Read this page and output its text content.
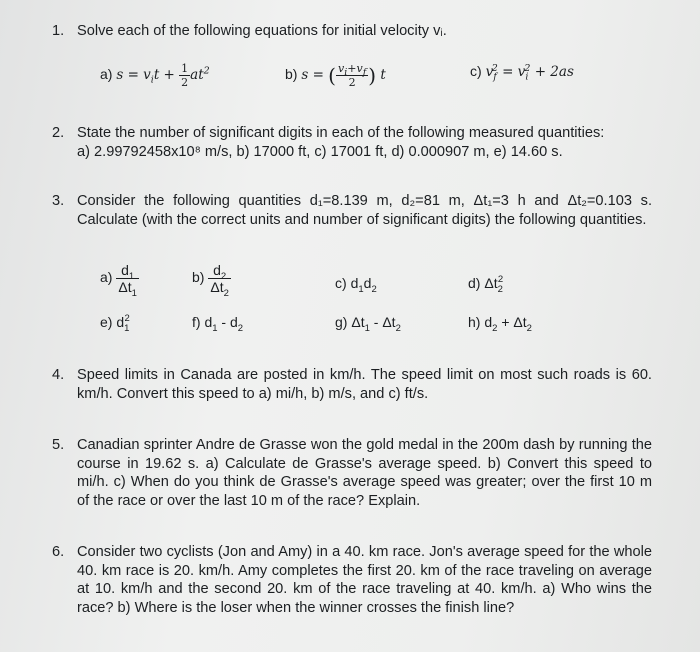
1. Solve each of the following equations for initial velocity vᵢ.
a) $s = v_it + \frac{1}{2} at^2$	b) s = ( $\frac{v_i+v_f}{2}$ ) t	c) $v_f^2 = v_i^2 + 2as$
2. State the number of significant digits in each of the following measured quantities:
a) 2.99792458x10⁸ m/s, b) 17000 ft, c) 17001 ft, d) 0.000907 m, e) 14.60 s.
3. Consider the following quantities d₁=8.139 m, d₂=81 m, Δt₁=3 h and Δt₂=0.103 s. Calculate (with the correct units and number of significant digits) the following quantities.
$a) \frac{d_1}{\Delta t_1}$	$b) \frac{d_2}{\Delta t_2}$	c) $d_1d_2$	d) $\Delta t_2^2$
e) $d_1^2$	f) $d_1 - d_2$	g) $\Delta t_1 - \Delta t_2$	h) $d_2 + \Delta t_2$
4. Speed limits in Canada are posted in km/h. The speed limit on most such roads is 60. km/h. Convert this speed to a) mi/h, b) m/s, and c) ft/s.
5. Canadian sprinter Andre de Grasse won the gold medal in the 200m dash by running the course in 19.62 s. a) Calculate de Grasse's average speed. b) Convert this speed to mi/h. c) When do you think de Grasse's average speed was greater; over the first 10 m of the race or over the last 10 m of the race? Explain.
6. Consider two cyclists (Jon and Amy) in a 40. km race. Jon's average speed for the whole 40. km race is 20. km/h. Amy completes the first 20. km of the race traveling on average at 10. km/h and the second 20. km of the race traveling at 40. km/h. a) Who wins the race? b) Where is the loser when the winner crosses the finish line?
